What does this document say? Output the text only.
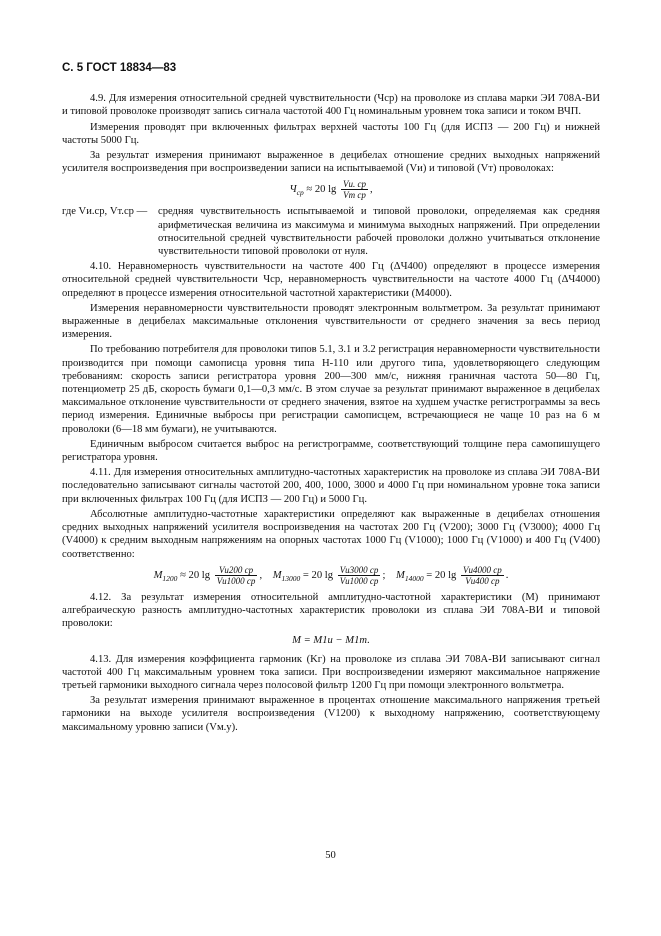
С. 5 ГОСТ 18834—83

4.9. Для измерения относительной средней чувствительности (Чср) на проволоке из сплава марки ЭИ 708А-ВИ и типовой проволоке производят запись сигнала частотой 400 Гц номинальным уровнем тока записи и током ВЧП.

Измерения проводят при включенных фильтрах верхней частоты 100 Гц (для ИСПЗ — 200 Гц) и нижней частоты 5000 Гц.

За результат измерения принимают выраженное в децибелах отношение средних выходных напряжений усилителя воспроизведения при воспроизведении записи на испытываемой (Vи) и типовой (Vт) проволоках:

$Ч_{ср} \approx 20$ $\lg \frac{Vи. ср}{\text{Vт ср}}$ ,
где Vи.ср, Vт.ср —	средняя чувствительность испытываемой и типовой проволоки, определяемая как средняя арифметическая величина из максимума и минимума выходных напряжений. При определении относительной средней чувствительности рабочей проволоки должно учитываться отклонение чувствительности типовой проволоки от нуля.

4.10. Неравномерность чувствительности на частоте 400 Гц (ΔЧ400) определяют в процессе измерения относительной средней чувствительности Чср, неравномерность чувствительности на частоте 4000 Гц (ΔЧ4000) определяют в процессе измерения относительной частотной характеристики (М4000).

Измерения неравномерности чувствительности проводят электронным вольтметром. За результат принимают выраженные в децибелах максимальные отклонения чувствительности от среднего значения за весь период измерения.

По требованию потребителя для проволоки типов 5.1, 3.1 и 3.2 регистрация неравномерности чувствительности производится при помощи самописца уровня типа Н-110 или другого типа, удовлетворяющего следующим требованиям: скорость записи регистратора уровня 200—300 мм/с, нижняя граничная частота 50—80 Гц, потенциометр 25 дБ, скорость бумаги 0,1—0,3 мм/с. В этом случае за результат принимают выраженное в децибелах максимальное отклонение чувствительности от среднего значения, взятое на худшем участке регистрограммы за весь период измерения. Единичные выбросы при регистрации самописцем, встречающиеся не чаще 10 раз на 6 м проволоки (6—18 мм бумаги), не учитываются.

Единичным выбросом считается выброс на регистрограмме, соответствующий толщине пера самопишущего регистратора уровня.

4.11. Для измерения относительных амплитудно-частотных характеристик на проволоке из сплава ЭИ 708А-ВИ последовательно записывают сигналы частотой 200, 400, 1000, 3000 и 4000 Гц при номинальном уровне тока записи при включенных фильтрах 100 Гц (для ИСПЗ — 200 Гц) и 5000 Гц.

Абсолютные амплитудно-частотные характеристики определяют как выраженные в децибелах отношения средних выходных напряжений усилителя воспроизведения на частотах 200 Гц (V200); 3000 Гц (V3000); 4000 Гц (V4000) к средним выходным напряжениям на опорных частотах 1000 Гц (V1000); 1000 Гц (V1000) и 400 Гц (V400) соответственно:

$M_{1200} \approx 20$ $\lg \frac{Vи200 ср}{Vи1000 ср}$ ,    $M_{13000} = 20$ $\lg \frac{Vи3000 ср}{Vи1000 ср}$ ;    $M_{14000} = 20$ $\lg \frac{Vи4000 ср}{Vи400 ср}$ .

4.12. За результат измерения относительной амплитудно-частотной характеристики (М) принимают алгебраическую разность амплитудно-частотных характеристик проволоки из сплава ЭИ 708А-ВИ и типовой проволоки:

M = M1и − M1т.

4.13. Для измерения коэффициента гармоник (Kг) на проволоке из сплава ЭИ 708А-ВИ записывают сигнал частотой 400 Гц максимальным уровнем тока записи. При воспроизведении измеряют максимальное напряжение третьей гармоники выходного сигнала через полосовой фильтр 1200 Гц при помощи электронного вольтметра.

За результат измерения принимают выраженное в процентах отношение максимального напряжения третьей гармоники на выходе усилителя воспроизведения (V1200) к выходному напряжению, соответствующему максимальному уровню записи (Vм.у).

50
